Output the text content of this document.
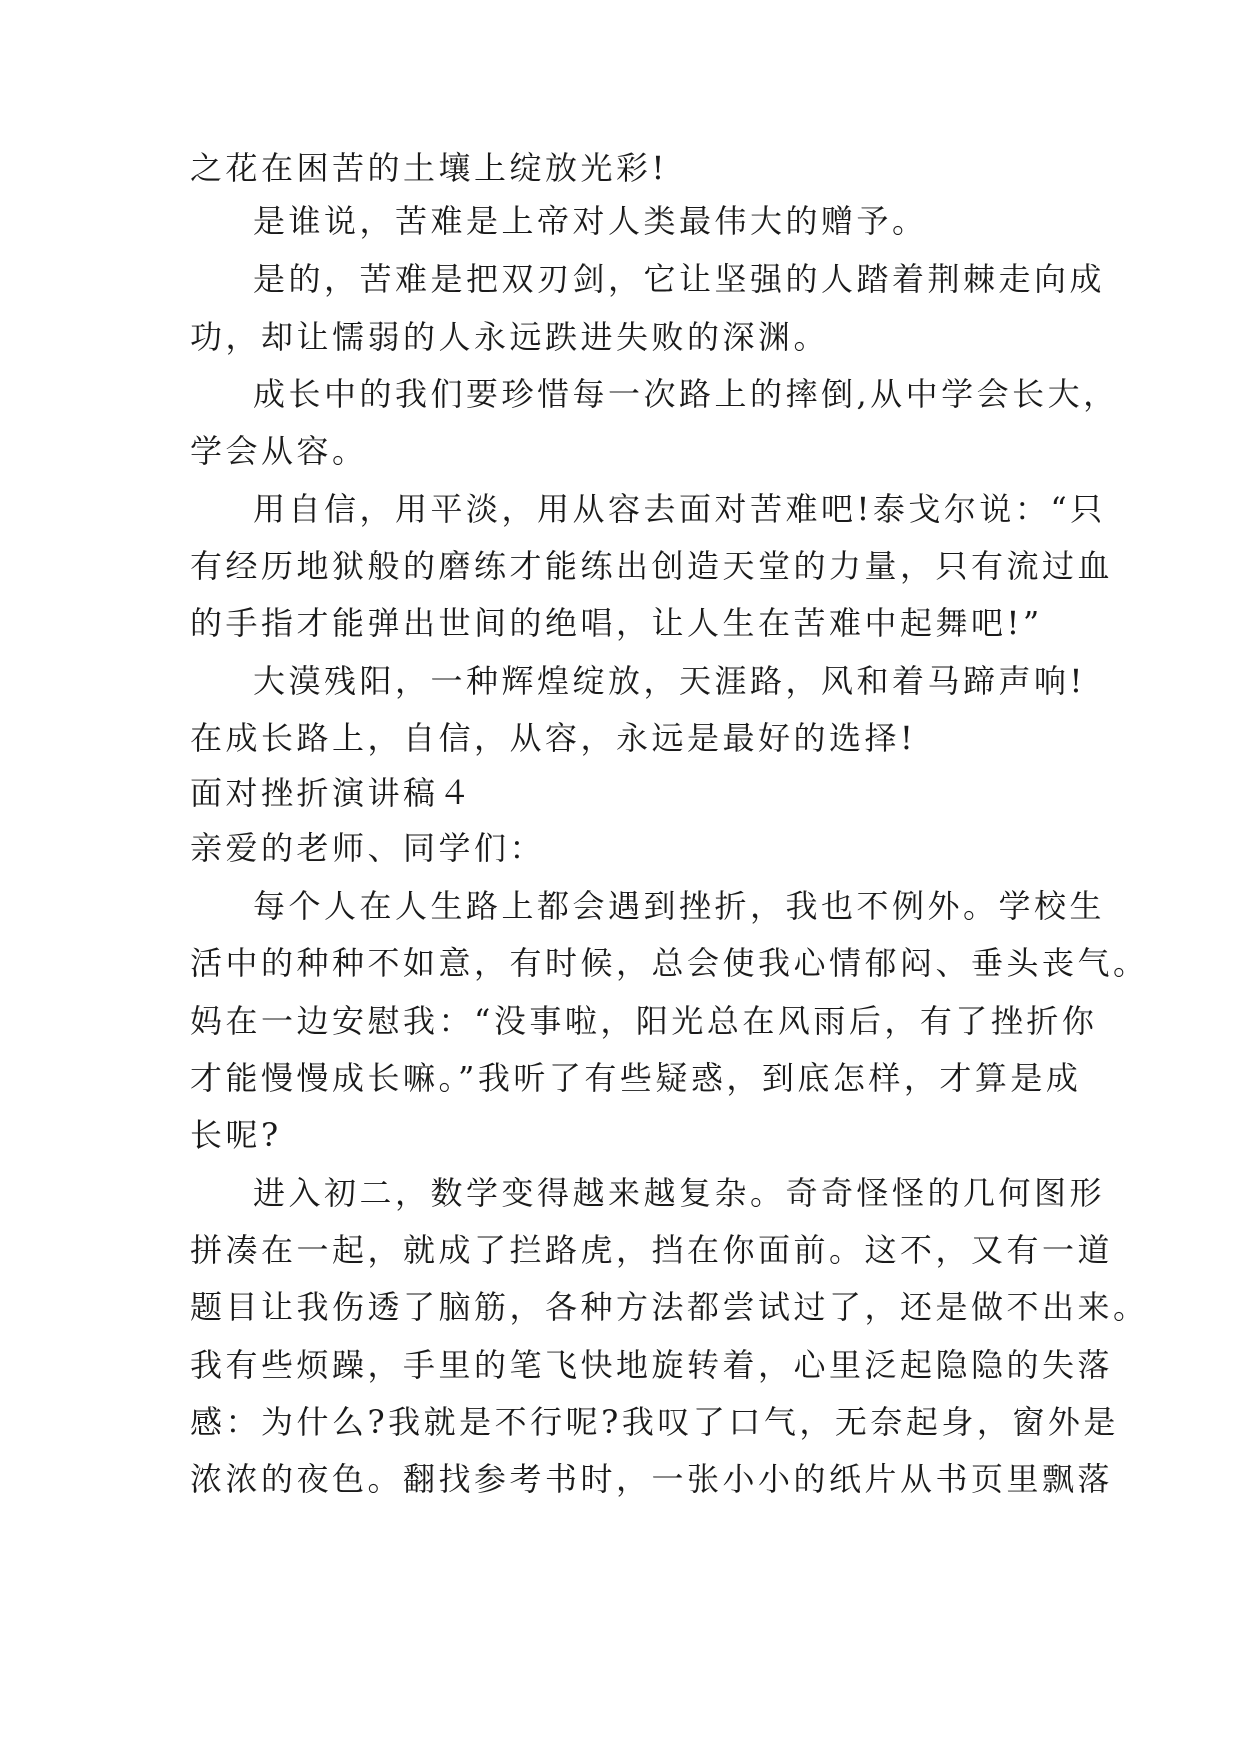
之花在困苦的土壤上绽放光彩!
是谁说，苦难是上帝对人类最伟大的赠予。
是的，苦难是把双刃剑，它让坚强的人踏着荆棘走向成
功，却让懦弱的人永远跌进失败的深渊。
成长中的我们要珍惜每一次路上的摔倒,从中学会长大，
学会从容。
用自信，用平淡，用从容去面对苦难吧!泰戈尔说：“只
有经历地狱般的磨练才能练出创造天堂的力量，只有流过血
的手指才能弹出世间的绝唱，让人生在苦难中起舞吧!”
大漠残阳，一种辉煌绽放，天涯路，风和着马蹄声响!
在成长路上，自信，从容，永远是最好的选择!
面对挫折演讲稿４
亲爱的老师、同学们：
每个人在人生路上都会遇到挫折，我也不例外。学校生
活中的种种不如意，有时候，总会使我心情郁闷、垂头丧气。
妈在一边安慰我：“没事啦，阳光总在风雨后，有了挫折你
才能慢慢成长嘛。”我听了有些疑惑，到底怎样，才算是成
长呢?
进入初二，数学变得越来越复杂。奇奇怪怪的几何图形
拼凑在一起，就成了拦路虎，挡在你面前。这不，又有一道
题目让我伤透了脑筋，各种方法都尝试过了，还是做不出来。
我有些烦躁，手里的笔飞快地旋转着，心里泛起隐隐的失落
感：为什么?我就是不行呢?我叹了口气，无奈起身，窗外是
浓浓的夜色。翻找参考书时，一张小小的纸片从书页里飘落
